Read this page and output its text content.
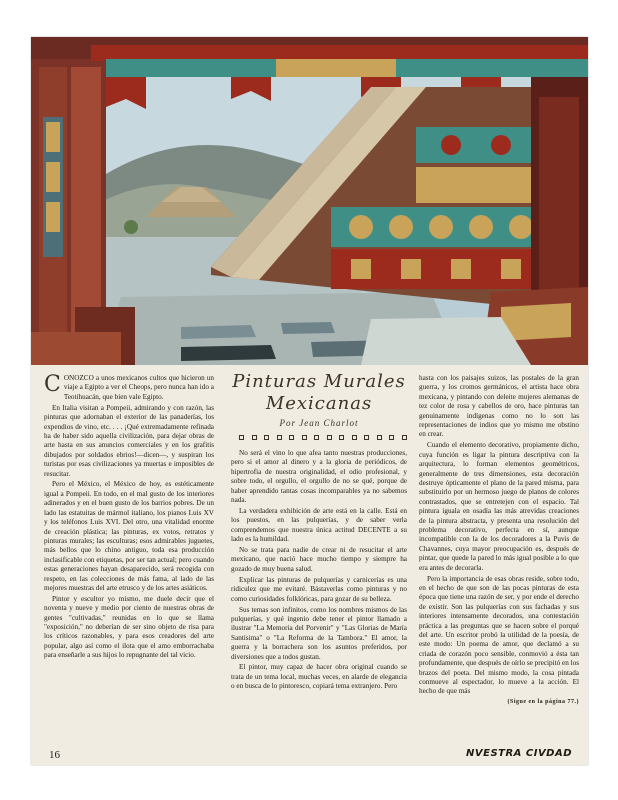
Pinturas Murales
Mexicanas
Por Jean Charlot

CONOZCO a unos mexicanos cultos que hicieron un viaje a Egipto a ver el Cheops, pero nunca han ido a Teotihuacán, que bien vale Egipto.

En Italia visitan a Pompeii, admirando y con razón, las pinturas que adornaban el exterior de las panaderías, los expendios de vino, etc. . . . ¡Qué extremadamente refinada ha de haber sido aquella civilización, para dejar obras de arte hasta en sus anuncios comerciales y en los grafitis dibujados por soldados ebrios!—dicen—, y suspiran los turistas por esas civilizaciones ya muertas e imposibles de resucitar.

Pero el México, el México de hoy, es estéticamente igual a Pompeii. En todo, en el mal gusto de los interiores adinerados y en el buen gusto de los barrios pobres. De un lado las estatuitas de mármol italiano, los pianos Luis XV y los teléfonos Luis XVI. Del otro, una vitalidad enorme de creación plástica; las pinturas, ex votos, retratos y pinturas murales; las esculturas; esos admirables juguetes, más bellos que lo chino antiguo, toda esa producción inclasificable con etiquetas, por ser tan actual; pero cuando estas generaciones hayan desaparecido, será recogida con respeto, en las colecciones de más fama, al lado de las mejores muestras del arte etrusco y de los artes asiáticos.

Pintor y escultor yo mismo, me duele decir que el noventa y nueve y medio por ciento de nuestras obras de gentes "cultivadas," reunidas en lo que se llama "exposición," no deberían de ser sino objeto de risa para los críticos razonables, y para esos creadores del arte popular, algo así como el ilota que el amo emborrachaba para enseñarle a sus hijos lo repugnante del tal vicio.

No será el vino lo que afea tanto nuestras producciones, pero si el amor al dinero y a la gloria de periódicos, de hipertrofia de nuestra originalidad, el odio profesional, y sobre todo, el orgullo, el orgullo de no se qué, porque de haber aprendido tantas cosas incomparables ya no sabemos nada.

La verdadera exhibición de arte está en la calle. Está en los puestos, en las pulquerías, y de saber verla comprendemos que nuestra única actitud DECENTE a su lado es la humildad.

No se trata para nadie de crear ni de resucitar el arte mexicano, que nació hace mucho tiempo y siempre ha gozado de muy buena salud.

Explicar las pinturas de pulquerías y carnicerías es una ridiculez que me evitaré. Bástaverlas como pinturas y no como curiosidades folklóricas, para gozar de su belleza.

Sus temas son infinitos, como los nombres mismos de las pulquerías, y qué ingenio debe tener el pintor llamado a ilustrar "La Memoria del Porvenir" y "Las Glorias de María Santísima" o "La Reforma de la Tambora." El amor, la guerra y la borrachera son los asuntos preferidos, por diversiones que a todos gustan.

El pintor, muy capaz de hacer obra original cuando se trata de un tema local, muchas veces, en alarde de elegancia o en busca de lo pintoresco, copiará tema extranjero. Pero

hasta con los paisajes suizos, las postales de la gran guerra, y los cromos germánicos, el artista hace obra mexicana, y pintando con deleite mujeres alemanas de tez color de rosa y cabellos de oro, hace pinturas tan genuinamente indígenas como no lo son las representaciones de indios que yo mismo me obstino en crear.

Cuando el elemento decorativo, propiamente dicho, cuya función es ligar la pintura descriptiva con la arquitectura, lo forman elementos geométricos, generalmente de tres dimensiones, esta decoración destruye ópticamente el plano de la pared misma, para substituirlo por un hermoso juego de planos de colores contrastados, que se entretejen con el espacio. Tal pintura iguala en osadía las más atrevidas creaciones de la pintura abstracta, y presenta una resolución del problema decorativo, perfecta en sí, aunque incompatible con la de los decoradores a la Puvis de Chavannes, cuya mayor preocupación es, después de pintar, que quede la pared lo más igual posible a lo que era antes de decorarla.

Pero la importancia de esas obras reside, sobre todo, en el hecho de que son de las pocas pinturas de esta época que tiene una razón de ser, y por ende el derecho de existir. Son las pulquerías con sus fachadas y sus interiores intensamente decorados, una contestación práctica a las preguntas que se hacen sobre el porqué del arte. Un escritor probó la utilidad de la poesía, de este modo: Un poema de amor, que declamó a su criada de corazón poco sensible, conmovió a ésta tan profundamente, que después de oírlo se precipitó en los brazos del poeta. Del mismo modo, la cosa pintada conmueve al espectador, lo mueve a la acción. El hecho de que más

(Sigue en la página 77.)
16	NVESTRA CIVDAD
